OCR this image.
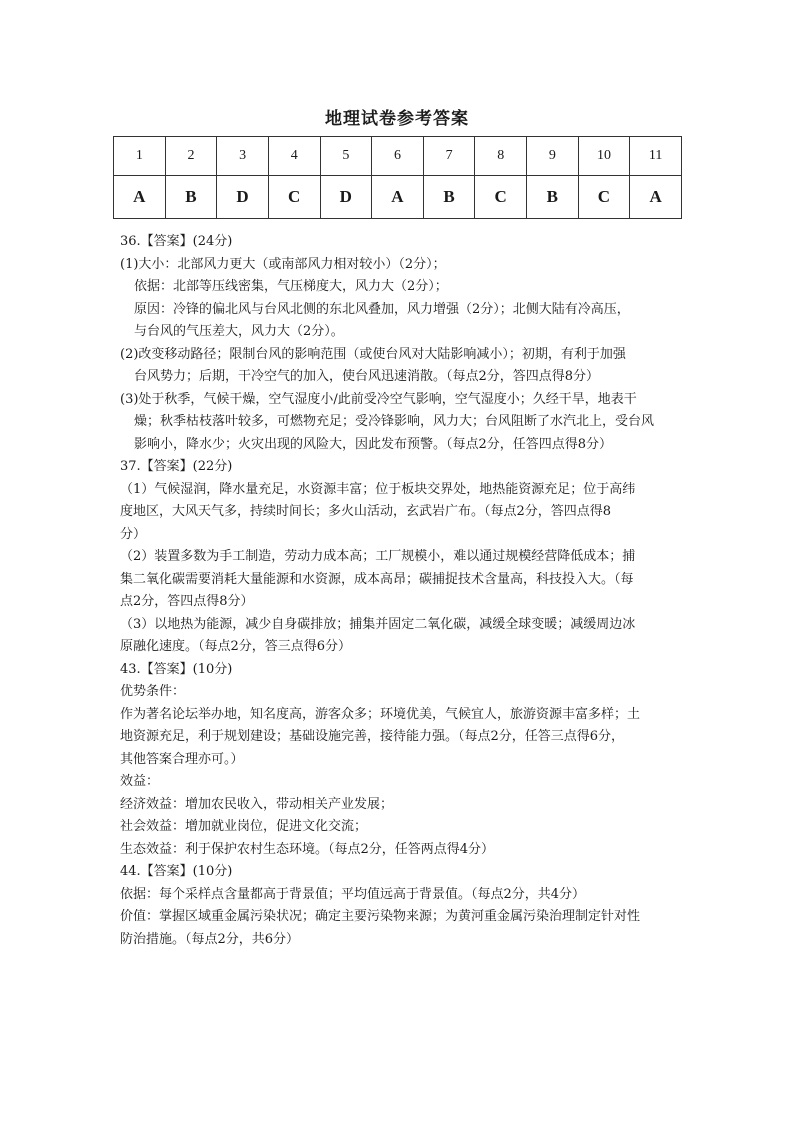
地理试卷参考答案
1	2	3	4	5	6	7	8	9	10	11
A	B	D	C	D	A	B	C	B	C	A
36.【答案】(24分)
(1)大小：北部风力更大（或南部风力相对较小）（2分）；
依据：北部等压线密集，气压梯度大，风力大（2分）；
原因：冷锋的偏北风与台风北侧的东北风叠加，风力增强（2分）；北侧大陆有冷高压，
与台风的气压差大，风力大（2分）。
(2)改变移动路径；限制台风的影响范围（或使台风对大陆影响减小）；初期，有利于加强
台风势力；后期，干冷空气的加入，使台风迅速消散。（每点2分，答四点得8分）
(3)处于秋季，气候干燥，空气湿度小/此前受冷空气影响，空气湿度小；久经干旱，地表干
燥；秋季枯枝落叶较多，可燃物充足；受冷锋影响，风力大；台风阻断了水汽北上，受台风
影响小，降水少；火灾出现的风险大，因此发布预警。（每点2分，任答四点得8分）
37.【答案】(22分)
（1）气候湿润，降水量充足，水资源丰富；位于板块交界处，地热能资源充足；位于高纬
度地区，大风天气多，持续时间长；多火山活动，玄武岩广布。（每点2分，答四点得8
分）
（2）装置多数为手工制造，劳动力成本高；工厂规模小，难以通过规模经营降低成本；捕
集二氧化碳需要消耗大量能源和水资源，成本高昂；碳捕捉技术含量高，科技投入大。（每
点2分，答四点得8分）
（3）以地热为能源，减少自身碳排放；捕集并固定二氧化碳，减缓全球变暖；减缓周边冰
原融化速度。（每点2分，答三点得6分）
43.【答案】(10分)
优势条件：
作为著名论坛举办地，知名度高，游客众多；环境优美，气候宜人，旅游资源丰富多样；土
地资源充足，利于规划建设；基础设施完善，接待能力强。（每点2分，任答三点得6分，
其他答案合理亦可。）
效益：
经济效益：增加农民收入，带动相关产业发展；
社会效益：增加就业岗位，促进文化交流；
生态效益：利于保护农村生态环境。（每点2分，任答两点得4分）
44.【答案】(10分)
依据：每个采样点含量都高于背景值；平均值远高于背景值。（每点2分，共4分）
价值：掌握区域重金属污染状况；确定主要污染物来源；为黄河重金属污染治理制定针对性
防治措施。（每点2分，共6分）
